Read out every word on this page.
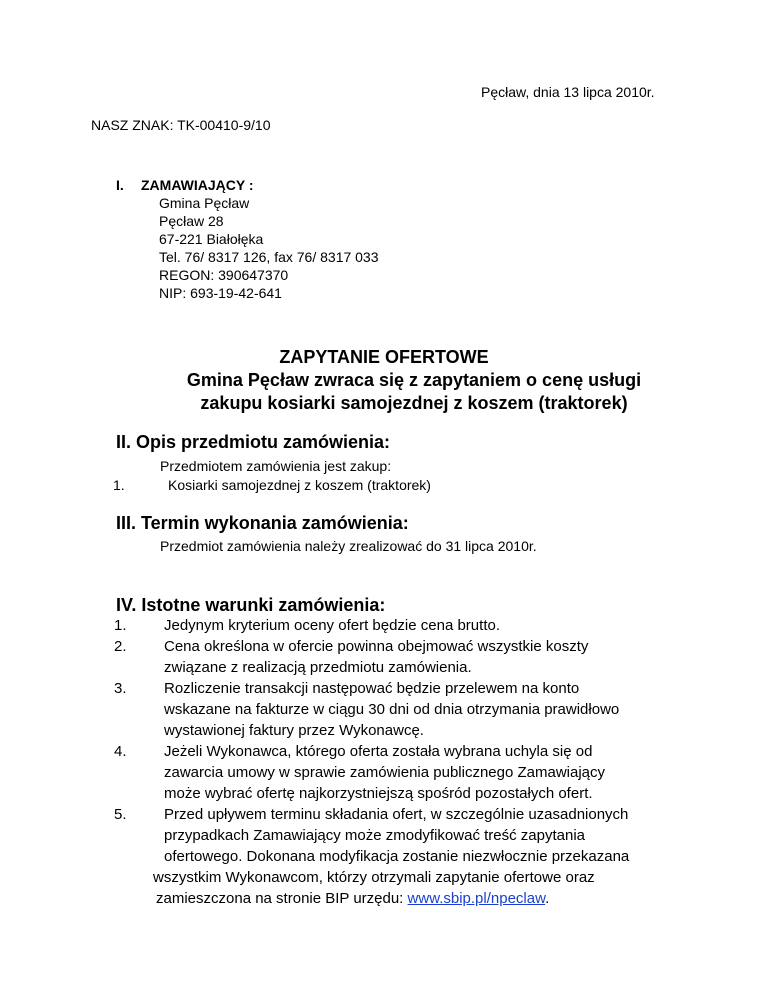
Pęcław, dnia 13 lipca 2010r.
NASZ ZNAK: TK-00410-9/10
I. ZAMAWIAJĄCY :
Gmina Pęcław
Pęcław 28
67-221 Białołęka
Tel. 76/ 8317 126, fax 76/ 8317 033
REGON: 390647370
NIP: 693-19-42-641
ZAPYTANIE OFERTOWE
Gmina Pęcław zwraca się z zapytaniem o cenę usługi
zakupu kosiarki samojezdnej z koszem (traktorek)
II. Opis przedmiotu zamówienia:
Przedmiotem zamówienia jest zakup:
1.	Kosiarki samojezdnej z koszem (traktorek)
III. Termin wykonania zamówienia:
Przedmiot zamówienia należy zrealizować do 31 lipca 2010r.
IV. Istotne warunki zamówienia:
1.
2.
3.
4.
5.
Jedynym kryterium oceny ofert będzie cena brutto.
Cena określona w ofercie powinna obejmować wszystkie koszty
związane z realizacją przedmiotu zamówienia.
Rozliczenie transakcji następować będzie przelewem na konto
wskazane na fakturze w ciągu 30 dni od dnia otrzymania prawidłowo
wystawionej faktury przez Wykonawcę.
Jeżeli Wykonawca, którego oferta została wybrana uchyla się od
zawarcia umowy w sprawie zamówienia publicznego Zamawiający
może wybrać ofertę najkorzystniejszą spośród pozostałych ofert.
Przed upływem terminu składania ofert, w szczególnie uzasadnionych
przypadkach Zamawiający może zmodyfikować treść zapytania
ofertowego. Dokonana modyfikacja zostanie niezwłocznie przekazana
wszystkim Wykonawcom, którzy otrzymali zapytanie ofertowe oraz
zamieszczona na stronie BIP urzędu: www.sbip.pl/npeclaw.
